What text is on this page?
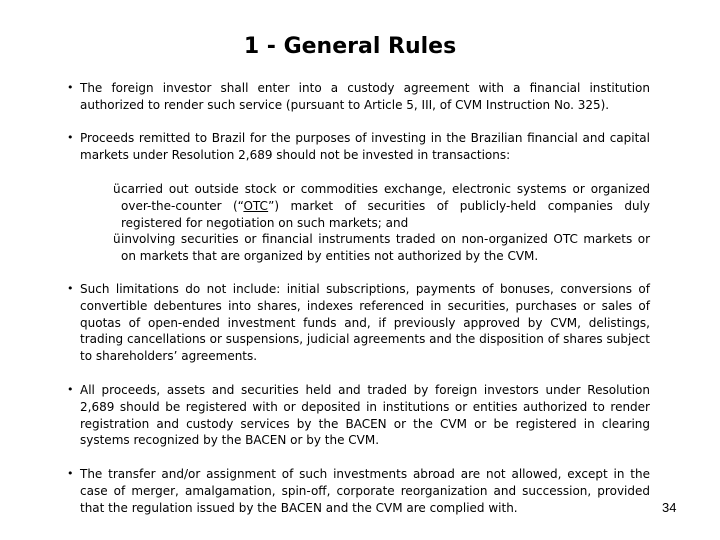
1 - General Rules
• The foreign investor shall enter into a custody agreement with a financial institution authorized to render such service (pursuant to Article 5, III, of CVM Instruction No. 325).
• Proceeds remitted to Brazil for the purposes of investing in the Brazilian financial and capital markets under Resolution 2,689 should not be invested in transactions:
ü carried out outside stock or commodities exchange, electronic systems or organized over-the-counter (“OTC”) market of securities of publicly-held companies duly registered for negotiation on such markets; and
ü involving securities or financial instruments traded on non-organized OTC markets or on markets that are organized by entities not authorized by the CVM.
• Such limitations do not include: initial subscriptions, payments of bonuses, conversions of convertible debentures into shares, indexes referenced in securities, purchases or sales of quotas of open-ended investment funds and, if previously approved by CVM, delistings, trading cancellations or suspensions, judicial agreements and the disposition of shares subject to shareholders’ agreements.
• All proceeds, assets and securities held and traded by foreign investors under Resolution 2,689 should be registered with or deposited in institutions or entities authorized to render registration and custody services by the BACEN or the CVM or be registered in clearing systems recognized by the BACEN or by the CVM.
• The transfer and/or assignment of such investments abroad are not allowed, except in the case of merger, amalgamation, spin-off, corporate reorganization and succession, provided that the regulation issued by the BACEN and the CVM are complied with.	34
